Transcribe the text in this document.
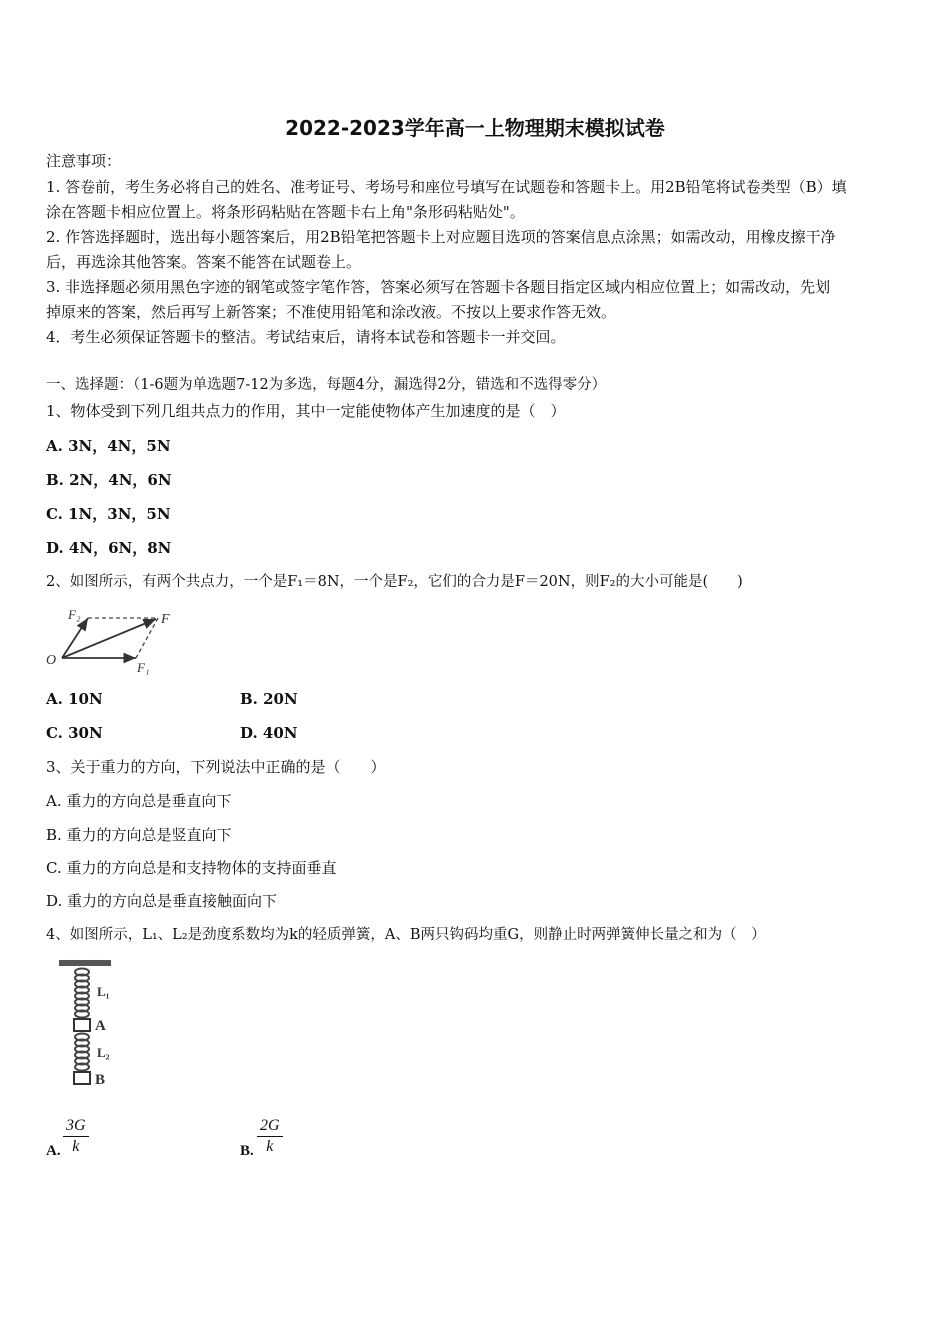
2022-2023学年高一上物理期末模拟试卷
注意事项：
1. 答卷前，考生务必将自己的姓名、准考证号、考场号和座位号填写在试题卷和答题卡上。用2B铅笔将试卷类型（B）填
涂在答题卡相应位置上。将条形码粘贴在答题卡右上角"条形码粘贴处"。
2. 作答选择题时，选出每小题答案后，用2B铅笔把答题卡上对应题目选项的答案信息点涂黑；如需改动，用橡皮擦干净
后，再选涂其他答案。答案不能答在试题卷上。
3. 非选择题必须用黑色字迹的钢笔或签字笔作答，答案必须写在答题卡各题目指定区域内相应位置上；如需改动，先划
掉原来的答案，然后再写上新答案；不准使用铅笔和涂改液。不按以上要求作答无效。
4．考生必须保证答题卡的整洁。考试结束后，请将本试卷和答题卡一并交回。
一、选择题：（1-6题为单选题7-12为多选，每题4分，漏选得2分，错选和不选得零分）
1、物体受到下列几组共点力的作用，其中一定能使物体产生加速度的是（　）
A. 3N，4N，5N
B. 2N，4N，6N
C. 1N，3N，5N
D. 4N，6N，8N
2、如图所示，有两个共点力，一个是F₁＝8N，一个是F₂，它们的合力是F＝20N，则F₂的大小可能是(　　)
O
F₂	F
F₁
A. 10N	B. 20N
C. 30N	D. 40N
3、关于重力的方向，下列说法中正确的是（　　）
A. 重力的方向总是垂直向下
B. 重力的方向总是竖直向下
C. 重力的方向总是和支持物体的支持面垂直
D. 重力的方向总是垂直接触面向下
4、如图所示，L₁、L₂是劲度系数均为k的轻质弹簧，A、B两只钩码均重G，则静止时两弹簧伸长量之和为（　）
L₁
A
L₂
B
A.
3G
k	B.
2G
k
